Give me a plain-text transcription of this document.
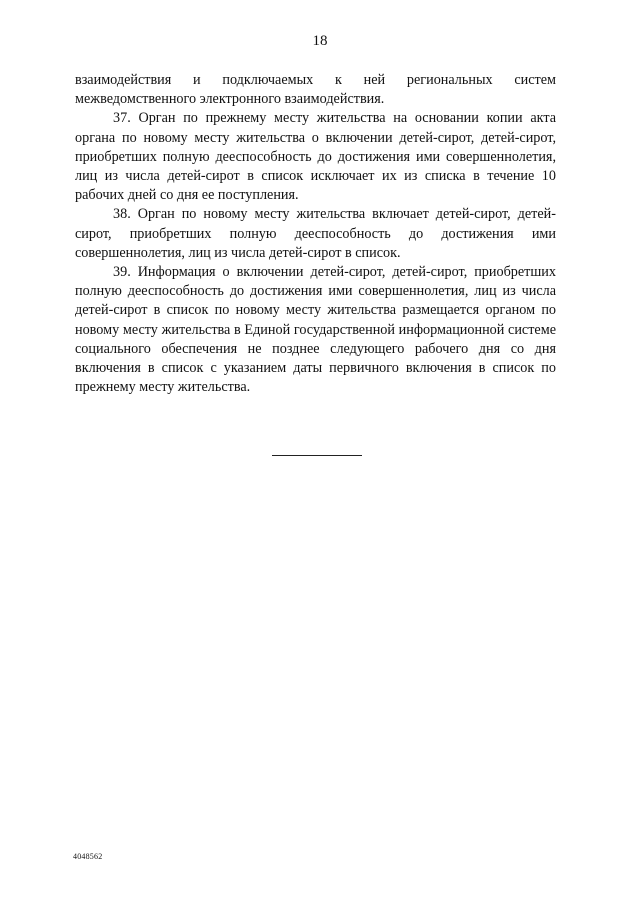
18

взаимодействия и подключаемых к ней региональных систем межведомственного электронного взаимодействия.

37. Орган по прежнему месту жительства на основании копии акта органа по новому месту жительства о включении детей-сирот, детей-сирот, приобретших полную дееспособность до достижения ими совершеннолетия, лиц из числа детей-сирот в список исключает их из списка в течение 10 рабочих дней со дня ее поступления.

38. Орган по новому месту жительства включает детей-сирот, детей-сирот, приобретших полную дееспособность до достижения ими совершеннолетия, лиц из числа детей-сирот в список.

39. Информация о включении детей-сирот, детей-сирот, приобретших полную дееспособность до достижения ими совершеннолетия, лиц из числа детей-сирот в список по новому месту жительства размещается органом по новому месту жительства в Единой государственной информационной системе социального обеспечения не позднее следующего рабочего дня со дня включения в список с указанием даты первичного включения в список по прежнему месту жительства.

4048562
